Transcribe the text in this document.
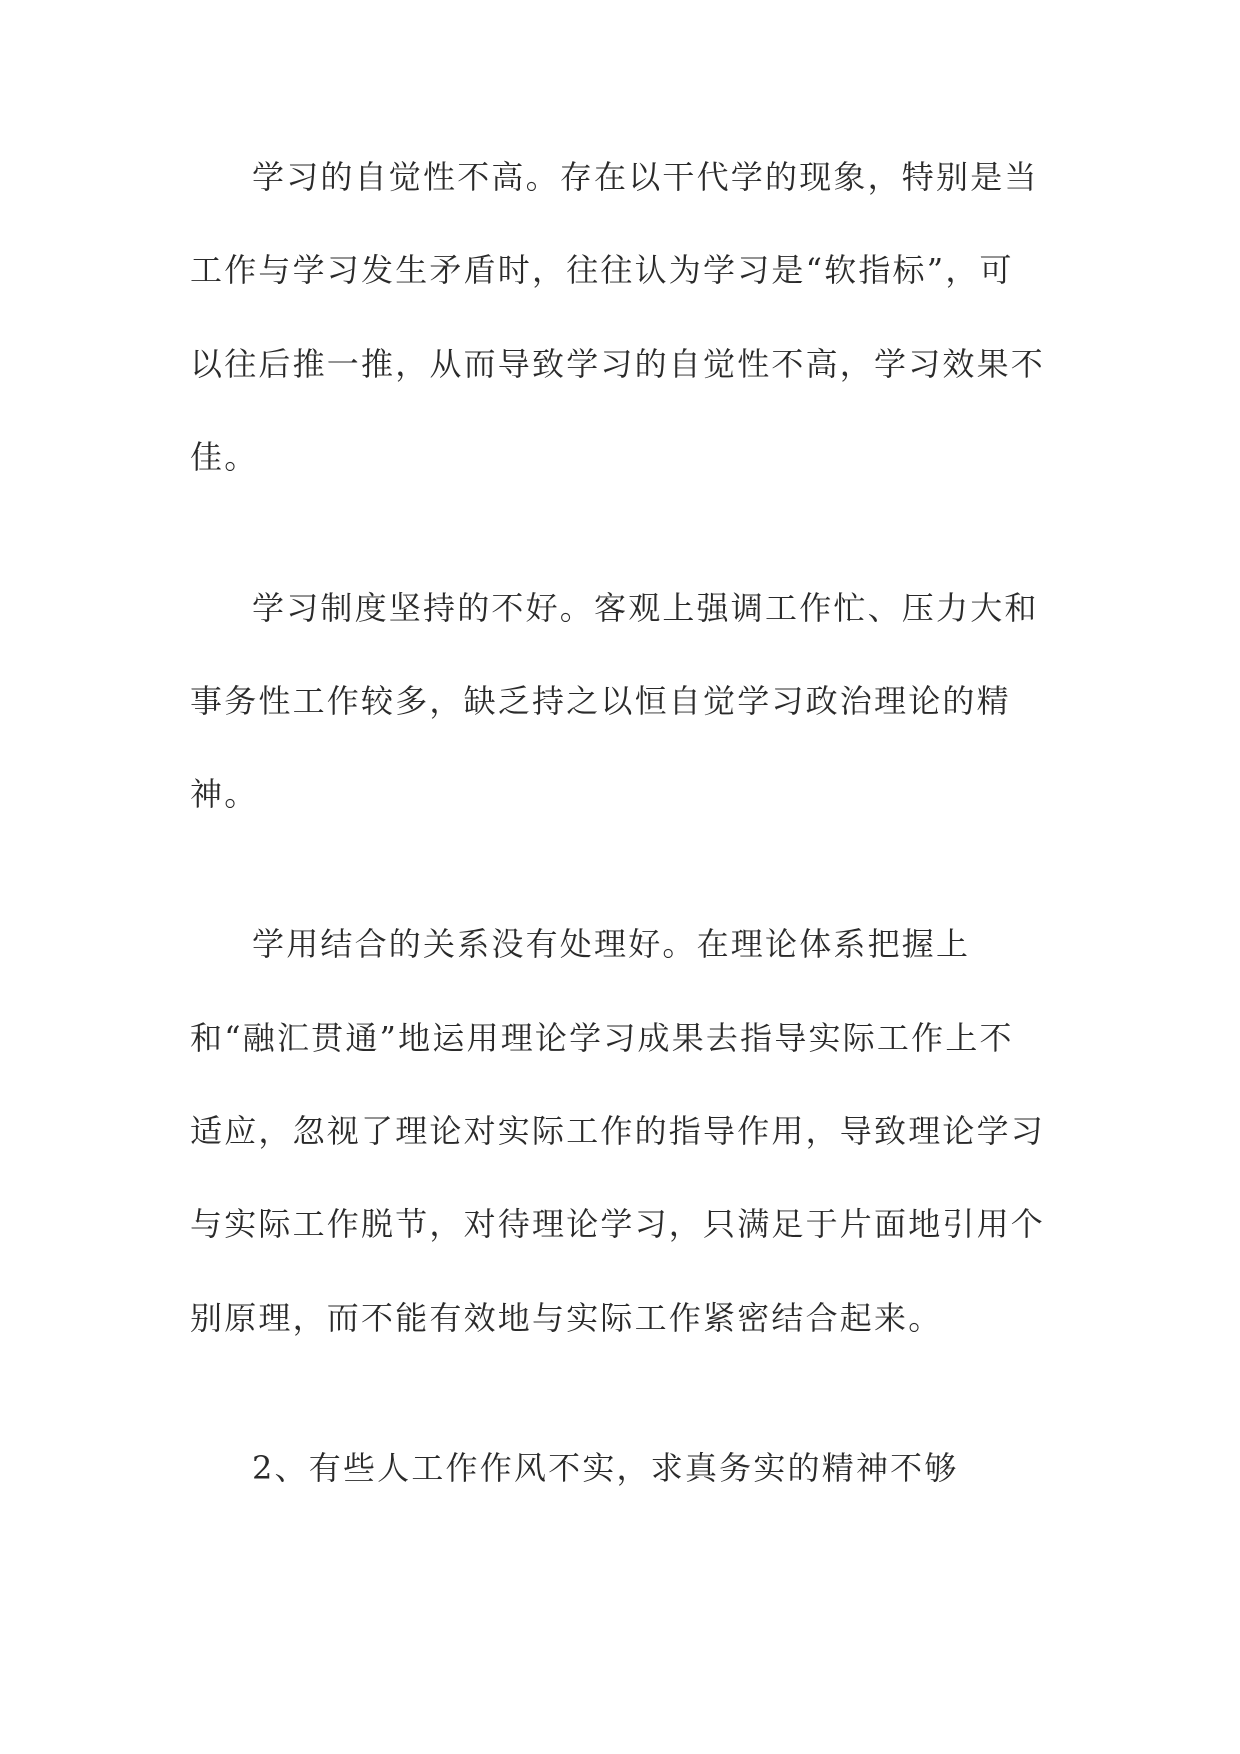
学习的自觉性不高。存在以干代学的现象，特别是当

工作与学习发生矛盾时，往往认为学习是“软指标”，可

以往后推一推，从而导致学习的自觉性不高，学习效果不

佳。

学习制度坚持的不好。客观上强调工作忙、压力大和

事务性工作较多，缺乏持之以恒自觉学习政治理论的精

神。

学用结合的关系没有处理好。在理论体系把握上

和“融汇贯通”地运用理论学习成果去指导实际工作上不

适应，忽视了理论对实际工作的指导作用，导致理论学习

与实际工作脱节，对待理论学习，只满足于片面地引用个

别原理，而不能有效地与实际工作紧密结合起来。

2、有些人工作作风不实，求真务实的精神不够
